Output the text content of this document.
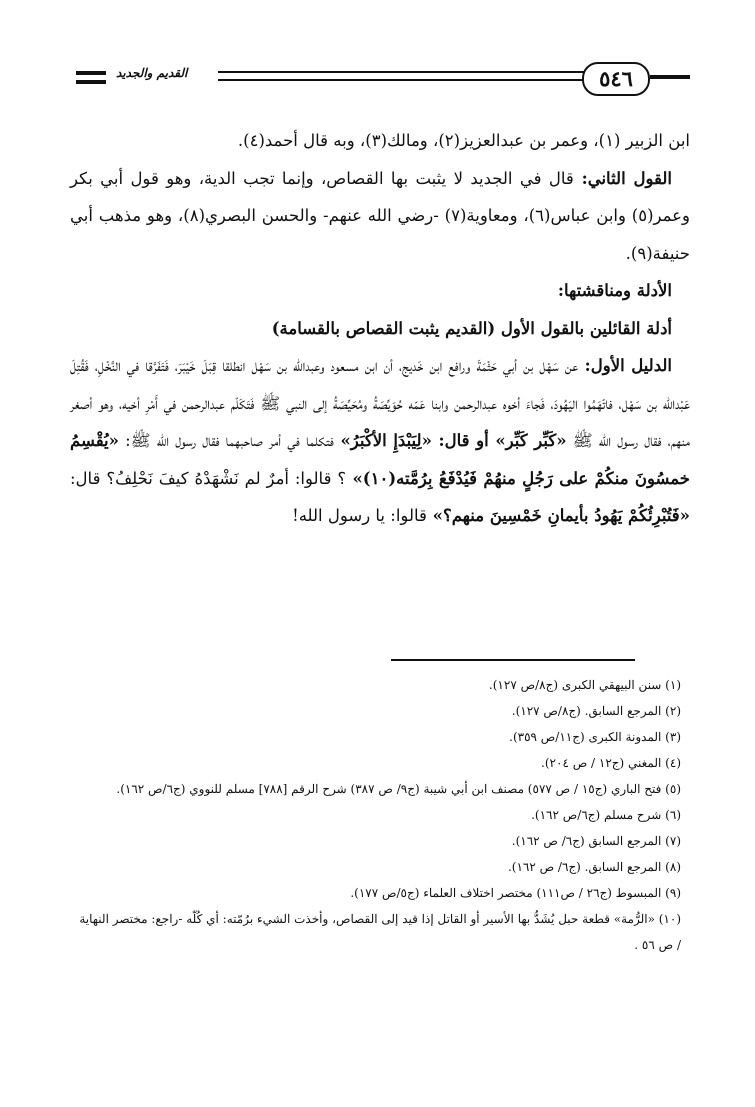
القديم والجديد	٥٤٦

ابن الزبير (١)، وعمر بن عبدالعزيز(٢)، ومالك(٣)، وبه قال أحمد(٤).

القول الثاني: قال في الجديد لا يثبت بها القصاص، وإنما تجب الدية، وهو قول أبي بكر وعمر(٥) وابن عباس(٦)، ومعاوية(٧) -رضي الله عنهم- والحسن البصري(٨)، وهو مذهب أبي حنيفة(٩).

الأدلة ومناقشتها:

أدلة القائلين بالقول الأول (القديم يثبت القصاص بالقسامة)

الدليل الأول: عن سَهْل بن أبي حَثْمَةَ ورافع ابن خَديج، أن ابن مسعود وعبدالله بن سَهْل انطلقا قِبَلَ خَيْبَرَ، فَتَفَرَّقا في النَّخْلِ، فَقُتِلَ عَبْدالله بن سَهْل، فاتّهَمُوا اليَهُودَ، فَجاءَ أخوه عبدالرحمن وابنا عَمّه حُوَيِّصَةُ ومُحَيِّصَةُ إلى النبي ﷺ فَتَكَلّم عبدالرحمن في أَمْرِ أخيه، وهو أصغر منهم، فقال رسول الله ﷺ «كَبِّر كَبِّر» أو قال: «لِيَبْدَإِ الأكْبَرُ» فتكلما في أمر صاحبهما فقال رسول الله ﷺ: «يُقْسِمُ خمسُونَ منكُمْ على رَجُلٍ منهُمْ فَيُدْفَعُ بِرُمَّته(١٠)» ؟ قالوا: أمرٌ لم نَشْهَدْهُ كيفَ نَحْلِفُ؟ قال: «فَتُبْرِئُكُمْ يَهُودُ بأيمانِ خَمْسِينَ منهم؟» قالوا: يا رسول الله!

(١) سنن البيهقي الكبرى (ج٨/ص ١٢٧).

(٢) المرجع السابق. (ج٨/ص ١٢٧).

(٣) المدونة الكبرى (ج١١/ص ٣٥٩).

(٤) المغني (ج١٢ / ص ٢٠٤).

(٥) فتح الباري (ج١٥ / ص ٥٧٧) مصنف ابن أبي شيبة (ج٩/ ص ٣٨٧) شرح الرقم [٧٨٨] مسلم للنووي (ج٦/ص ١٦٢).

(٦) شرح مسلم (ج٦/ص ١٦٢).

(٧) المرجع السابق (ج٦/ ص ١٦٢).

(٨) المرجع السابق. (ج٦/ ص ١٦٢).

(٩) المبسوط (ج٢٦ / ص١١١) مختصر اختلاف العلماء (ج٥/ص ١٧٧).

(١٠) «الرُّمة» قطعة حبل يُشَدُّ بها الأسير أو القاتل إذا قيد إلى القصاص، وأخذت الشيء برُمّته: أي كُلّه -راجع: مختصر النهاية / ص ٥٦ .
